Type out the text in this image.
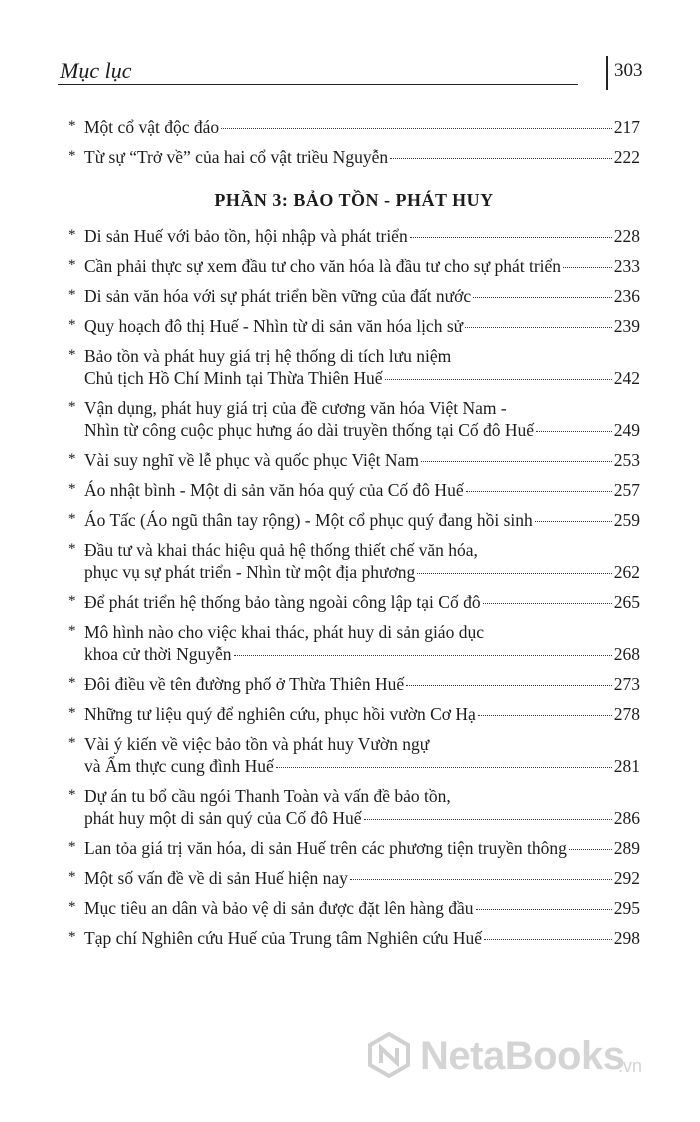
Mục lục	303
* Một cổ vật độc đáo	217
* Từ sự “Trở về” của hai cổ vật triều Nguyễn	222
PHẦN 3: BẢO TỒN - PHÁT HUY
* Di sản Huế với bảo tồn, hội nhập và phát triển	228
* Cần phải thực sự xem đầu tư cho văn hóa là đầu tư cho sự phát triển	233
* Di sản văn hóa với sự phát triển bền vững của đất nước	236
* Quy hoạch đô thị Huế - Nhìn từ di sản văn hóa lịch sử	239
* Bảo tồn và phát huy giá trị hệ thống di tích lưu niệm
Chủ tịch Hồ Chí Minh tại Thừa Thiên Huế	242
* Vận dụng, phát huy giá trị của đề cương văn hóa Việt Nam -
Nhìn từ công cuộc phục hưng áo dài truyền thống tại Cố đô Huế	249
* Vài suy nghĩ về lễ phục và quốc phục Việt Nam	253
* Áo nhật bình - Một di sản văn hóa quý của Cố đô Huế	257
* Áo Tấc (Áo ngũ thân tay rộng) - Một cổ phục quý đang hồi sinh	259
* Đầu tư và khai thác hiệu quả hệ thống thiết chế văn hóa,
phục vụ sự phát triển - Nhìn từ một địa phương	262
* Để phát triển hệ thống bảo tàng ngoài công lập tại Cố đô	265
* Mô hình nào cho việc khai thác, phát huy di sản giáo dục
khoa cử thời Nguyễn	268
* Đôi điều về tên đường phố ở Thừa Thiên Huế	273
* Những tư liệu quý để nghiên cứu, phục hồi vườn Cơ Hạ	278
* Vài ý kiến về việc bảo tồn và phát huy Vườn ngự
và Ẩm thực cung đình Huế	281
* Dự án tu bổ cầu ngói Thanh Toàn và vấn đề bảo tồn,
phát huy một di sản quý của Cố đô Huế	286
* Lan tỏa giá trị văn hóa, di sản Huế trên các phương tiện truyền thông	289
* Một số vấn đề về di sản Huế hiện nay	292
* Mục tiêu an dân và bảo vệ di sản được đặt lên hàng đầu	295
* Tạp chí Nghiên cứu Huế của Trung tâm Nghiên cứu Huế	298
NetaBooks
.vn
